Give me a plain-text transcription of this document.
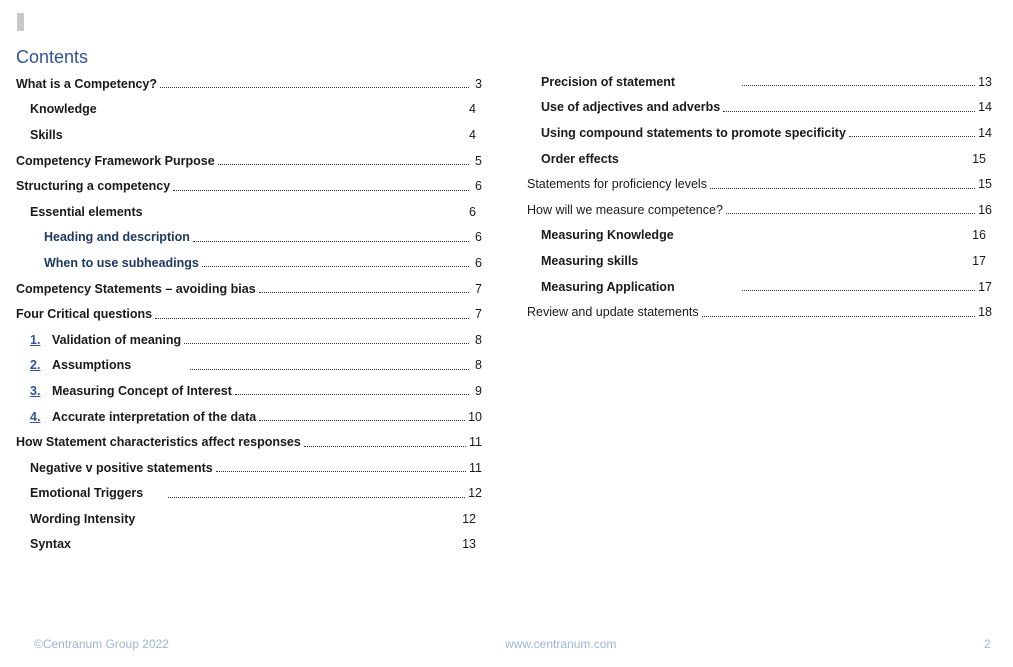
Contents
What is a Competency?	3
Knowledge	4
Skills	4
Competency Framework Purpose	5
Structuring a competency	6
Essential elements	6
Heading and description	6
When to use subheadings	6
Competency Statements – avoiding bias	7
Four Critical questions	7
1. Validation of meaning	8
2. Assumptions	8
3. Measuring Concept of Interest	9
4. Accurate interpretation of the data	10
How Statement characteristics affect responses	11
Negative v positive statements	11
Emotional Triggers	12
Wording Intensity	12
Syntax	13
Precision of statement	13
Use of adjectives and adverbs	14
Using compound statements to promote specificity	14
Order effects	15
Statements for proficiency levels	15
How will we measure competence?	16
Measuring Knowledge	16
Measuring skills	17
Measuring Application	17
Review and update statements	18
©Centranum Group 2022	www.centranum.com	2
